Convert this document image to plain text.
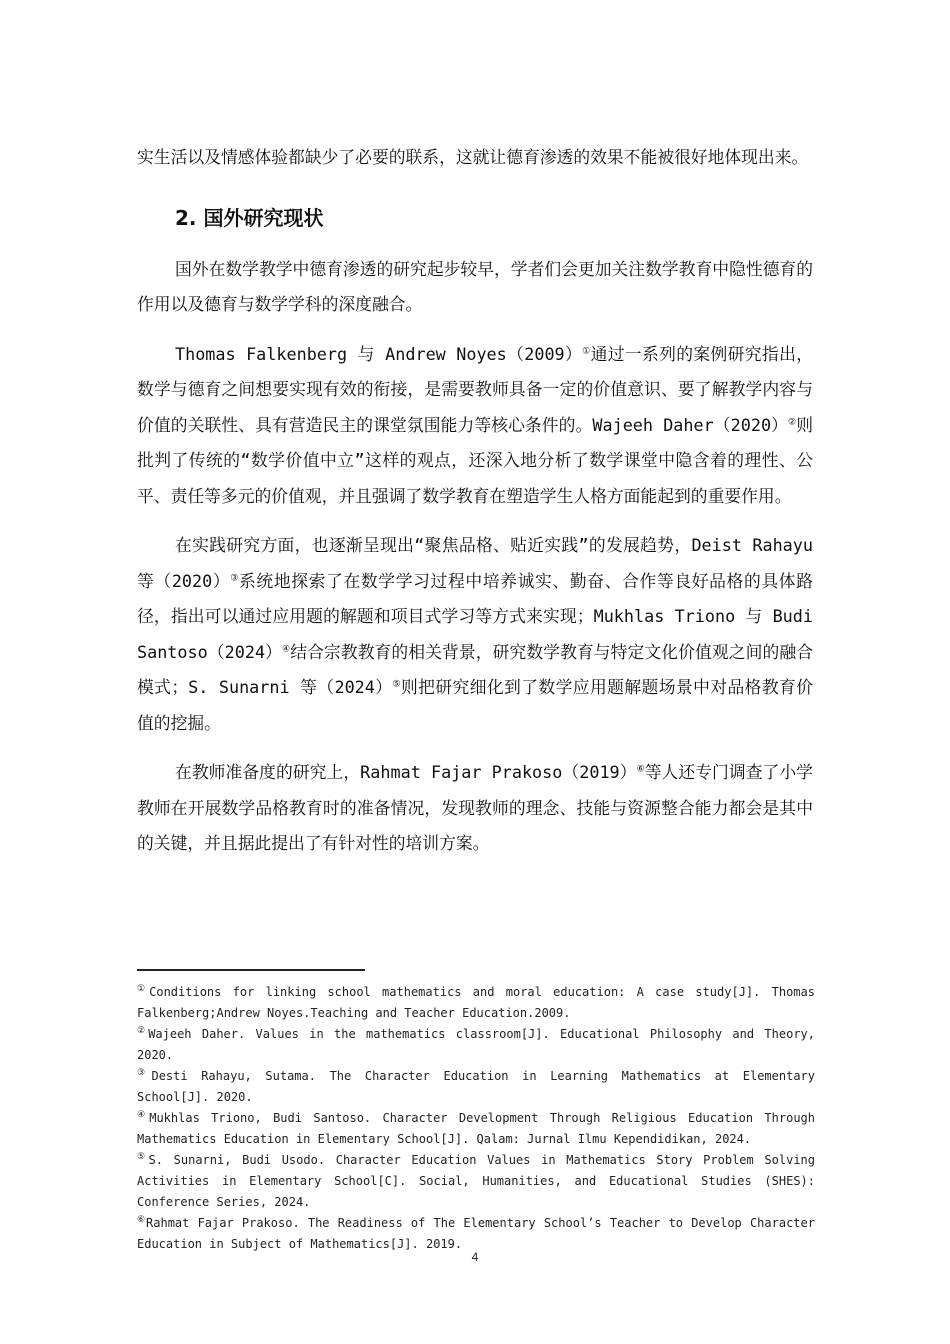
实生活以及情感体验都缺少了必要的联系，这就让德育渗透的效果不能被很好地体现出来。

2. 国外研究现状

国外在数学教学中德育渗透的研究起步较早，学者们会更加关注数学教育中隐性德育的作用以及德育与数学学科的深度融合。

Thomas Falkenberg 与 Andrew Noyes（2009）①通过一系列的案例研究指出，数学与德育之间想要实现有效的衔接，是需要教师具备一定的价值意识、要了解教学内容与价值的关联性、具有营造民主的课堂氛围能力等核心条件的。Wajeeh Daher（2020）②则批判了传统的“数学价值中立”这样的观点，还深入地分析了数学课堂中隐含着的理性、公平、责任等多元的价值观，并且强调了数学教育在塑造学生人格方面能起到的重要作用。

在实践研究方面，也逐渐呈现出“聚焦品格、贴近实践”的发展趋势，Deist Rahayu 等（2020）③系统地探索了在数学学习过程中培养诚实、勤奋、合作等良好品格的具体路径，指出可以通过应用题的解题和项目式学习等方式来实现；Mukhlas Triono 与 Budi Santoso（2024）④结合宗教教育的相关背景，研究数学教育与特定文化价值观之间的融合模式；S. Sunarni 等（2024）⑤则把研究细化到了数学应用题解题场景中对品格教育价值的挖掘。

在教师准备度的研究上，Rahmat Fajar Prakoso（2019）⑥等人还专门调查了小学教师在开展数学品格教育时的准备情况，发现教师的理念、技能与资源整合能力都会是其中的关键，并且据此提出了有针对性的培训方案。

①Conditions for linking school mathematics and moral education: A case study[J]. Thomas Falkenberg;Andrew Noyes.Teaching and Teacher Education.2009.

②Wajeeh Daher. Values in the mathematics classroom[J]. Educational Philosophy and Theory, 2020.

③Desti Rahayu, Sutama. The Character Education in Learning Mathematics at Elementary School[J]. 2020.

④Mukhlas Triono, Budi Santoso. Character Development Through Religious Education Through Mathematics Education in Elementary School[J]. Qalam: Jurnal Ilmu Kependidikan, 2024.

⑤S. Sunarni, Budi Usodo. Character Education Values in Mathematics Story Problem Solving Activities in Elementary School[C]. Social, Humanities, and Educational Studies (SHES): Conference Series, 2024.

⑥Rahmat Fajar Prakoso. The Readiness of The Elementary School’s Teacher to Develop Character Education in Subject of Mathematics[J]. 2019.

4
